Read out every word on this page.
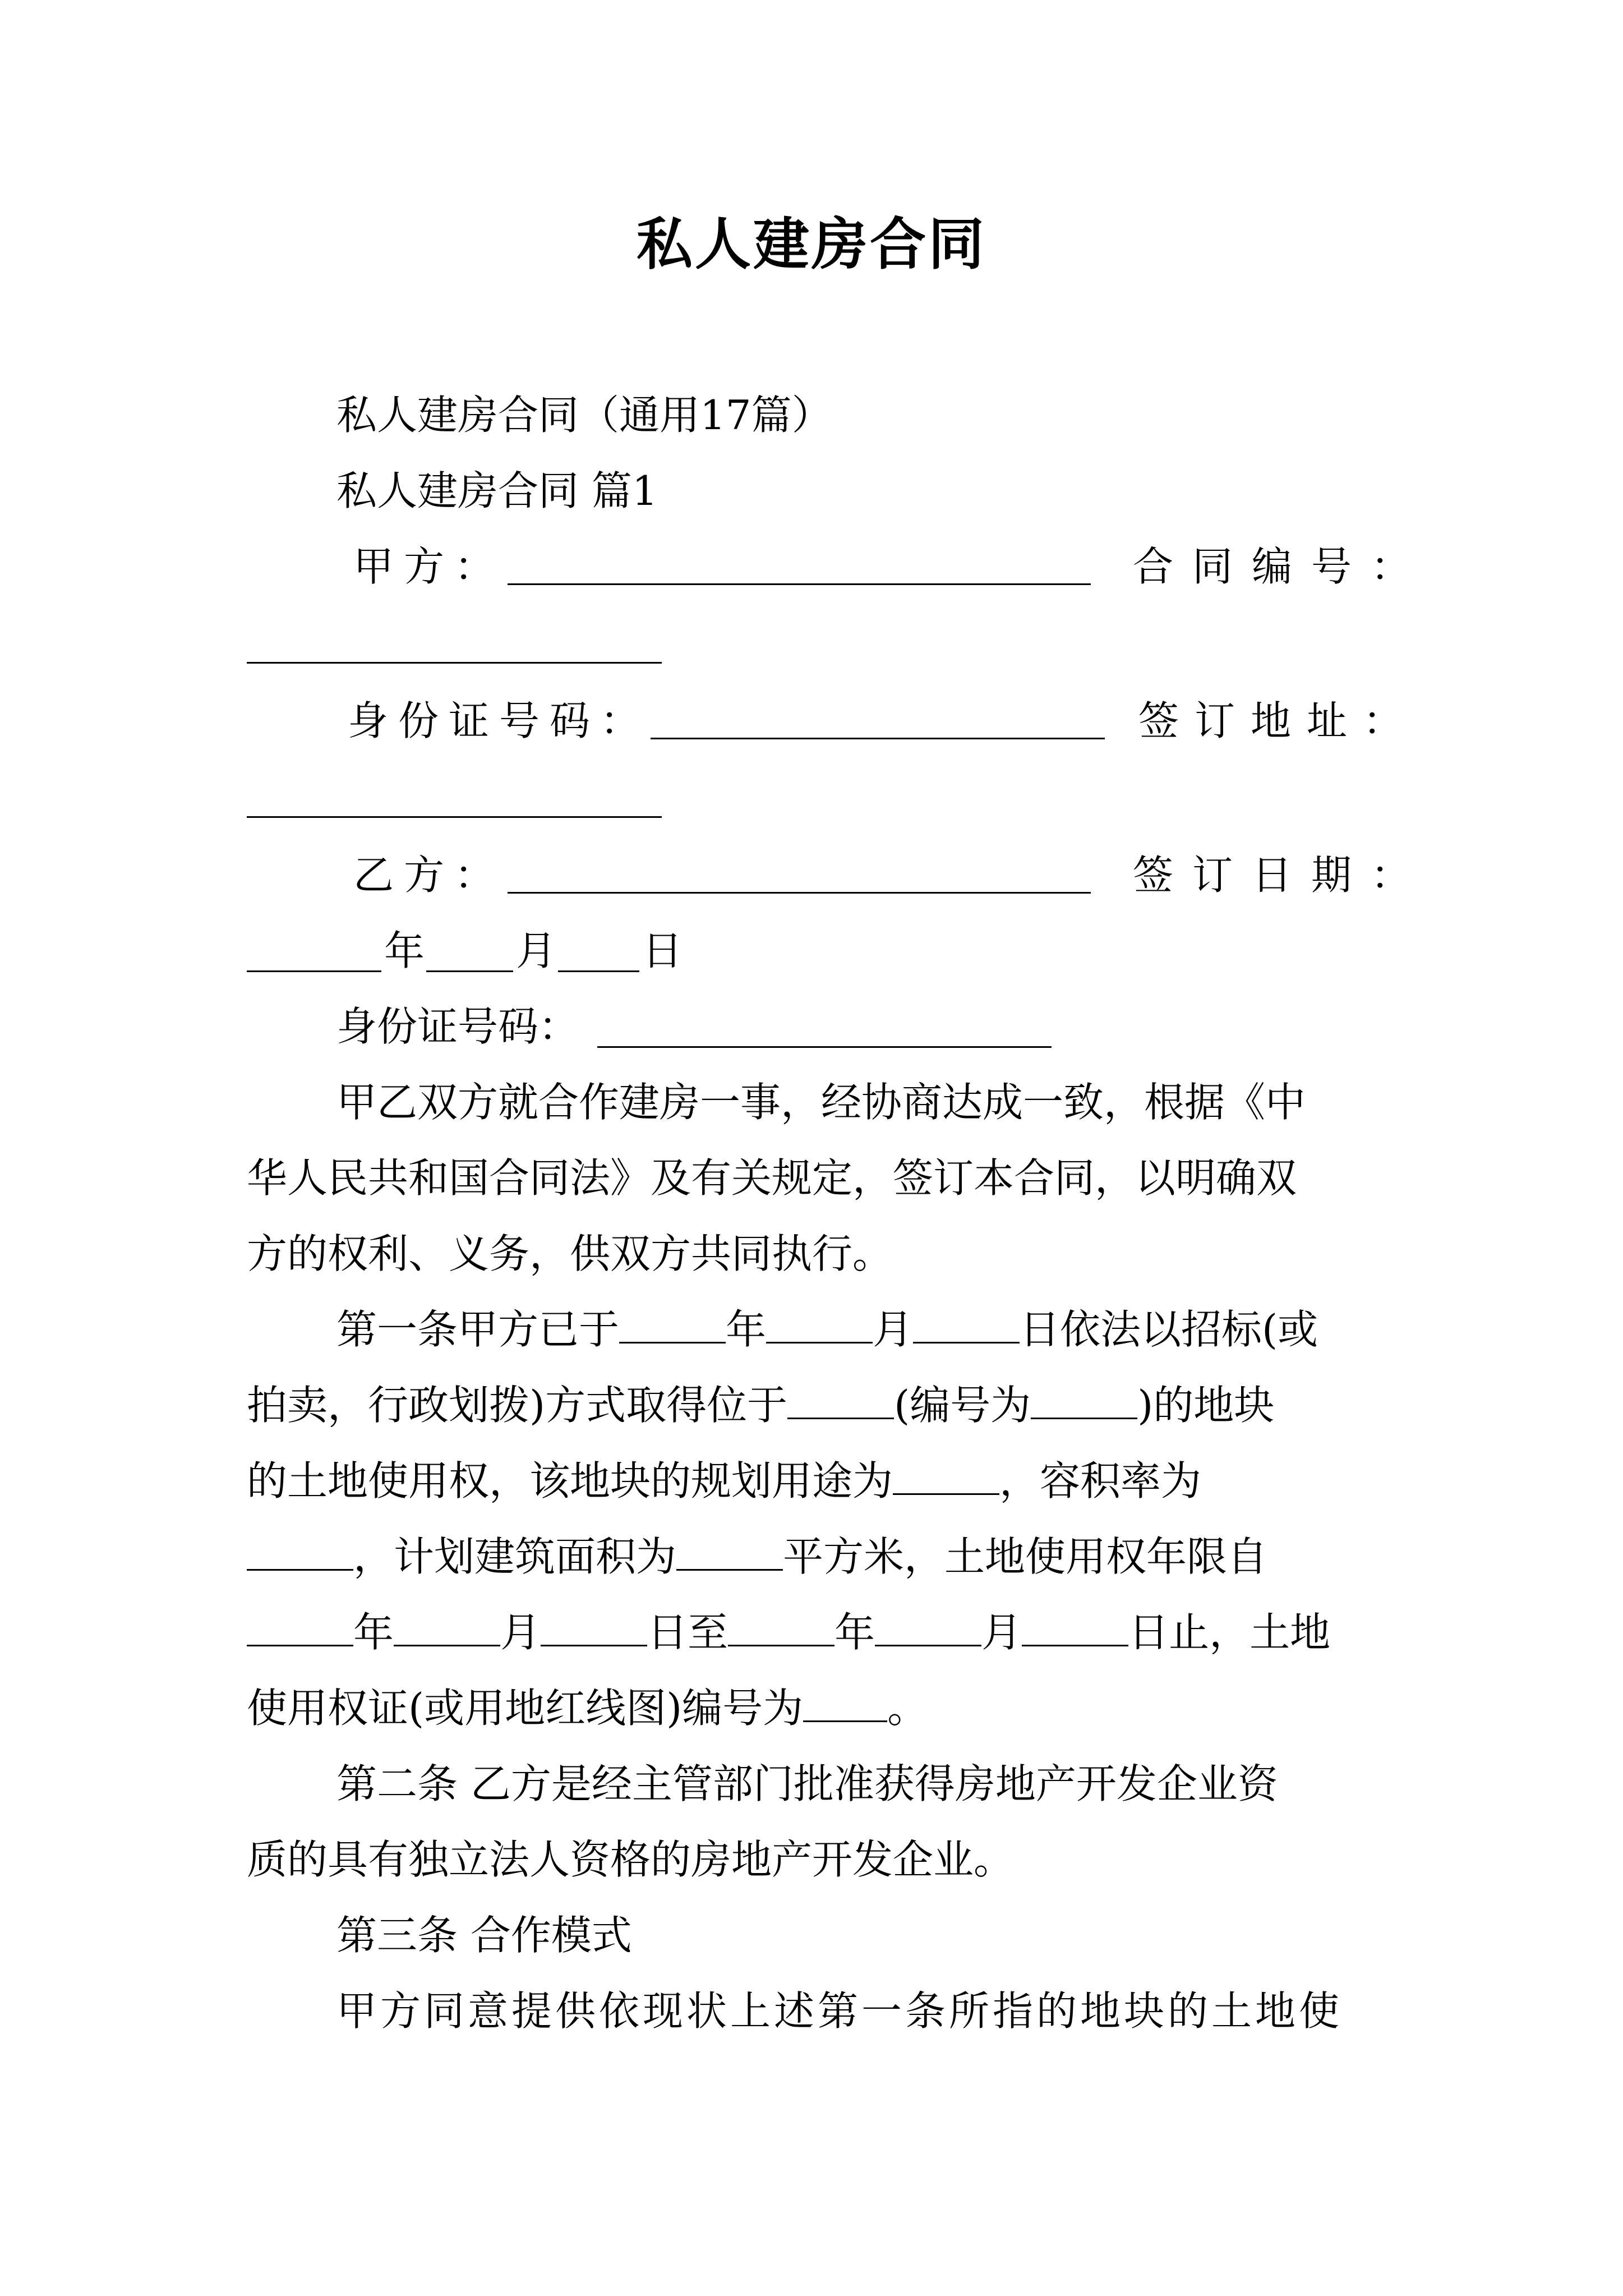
私人建房合同
私人建房合同（通用17篇）
私人建房合同 篇1
甲方：	合同编号：
身份证号码：	签订地址：
乙方：	签订日期：
年 月 日
身份证号码：
甲乙双方就合作建房一事，经协商达成一致，根据《中
华人民共和国合同法》及有关规定，签订本合同，以明确双
方的权利、义务，供双方共同执行。
第一条甲方已于	年	月	日依法以招标(或
拍卖，行政划拨)方式取得位于	(编号为	)的地块
的土地使用权，该地块的规划用途为	，容积率为
，计划建筑面积为	平方米，土地使用权年限自
年	月	日至	年	月	日止，土地
使用权证(或用地红线图)编号为 。
第二条 乙方是经主管部门批准获得房地产开发企业资
质的具有独立法人资格的房地产开发企业。
第三条 合作模式
甲方同意提供依现状上述第一条所指的地块的土地使
